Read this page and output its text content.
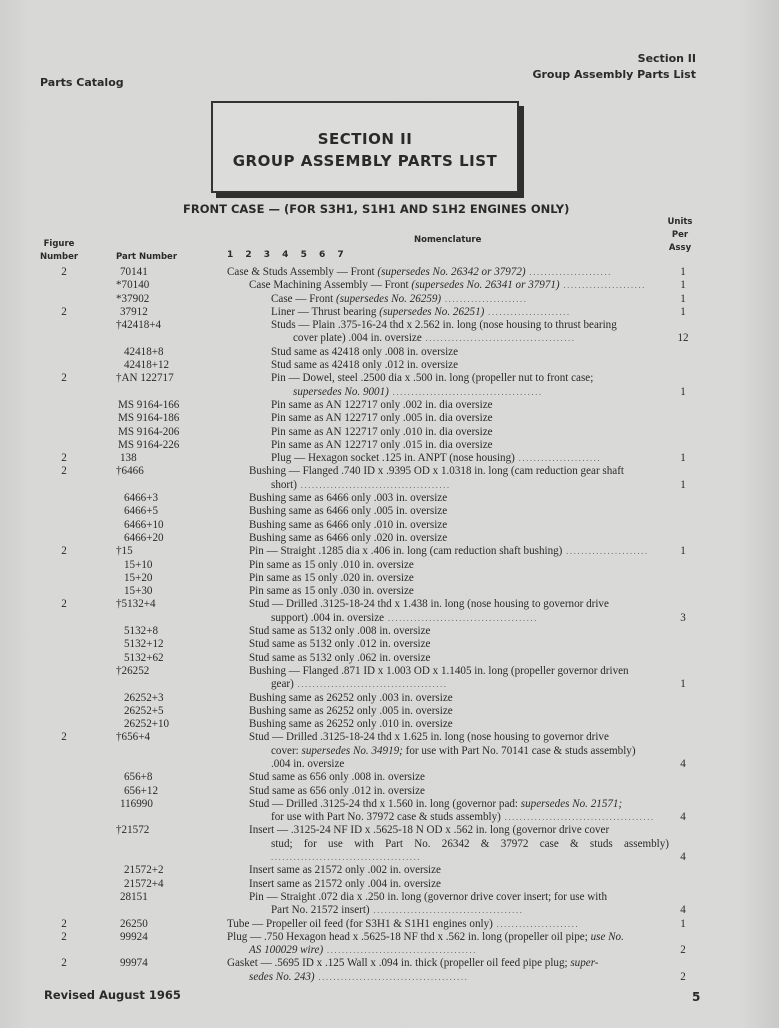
Parts Catalog
Section II
Group Assembly Parts List
SECTION II
GROUP ASSEMBLY PARTS LIST
FRONT CASE — (FOR S3H1, S1H1 AND S1H2 ENGINES ONLY)
Figure
Number	Part Number
Nomenclature
1 2 3 4 5 6 7
Units
Per
Assy
2	70141	Case & Studs Assembly — Front (supersedes No. 26342 or 37972) ......................	1
*70140	Case Machining Assembly — Front (supersedes No. 26341 or 37971) ......................	1
*37902	Case — Front (supersedes No. 26259) ......................	1
2	37912	Liner — Thrust bearing (supersedes No. 26251) ......................	1
†42418+4	Studs — Plain .375-16-24 thd x 2.562 in. long (nose housing to thrust bearing
cover plate) .004 in. oversize ........................................	12
42418+8	Stud same as 42418 only .008 in. oversize
42418+12	Stud same as 42418 only .012 in. oversize
2	†AN 122717	Pin — Dowel, steel .2500 dia x .500 in. long (propeller nut to front case;
supersedes No. 9001) ........................................	1
MS 9164-166	Pin same as AN 122717 only .002 in. dia oversize
MS 9164-186	Pin same as AN 122717 only .005 in. dia oversize
MS 9164-206	Pin same as AN 122717 only .010 in. dia oversize
MS 9164-226	Pin same as AN 122717 only .015 in. dia oversize
2	138	Plug — Hexagon socket .125 in. ANPT (nose housing) ......................	1
2	†6466	Bushing — Flanged .740 ID x .9395 OD x 1.0318 in. long (cam reduction gear shaft
short) ........................................	1
6466+3	Bushing same as 6466 only .003 in. oversize
6466+5	Bushing same as 6466 only .005 in. oversize
6466+10	Bushing same as 6466 only .010 in. oversize
6466+20	Bushing same as 6466 only .020 in. oversize
2	†15	Pin — Straight .1285 dia x .406 in. long (cam reduction shaft bushing) ......................	1
15+10	Pin same as 15 only .010 in. oversize
15+20	Pin same as 15 only .020 in. oversize
15+30	Pin same as 15 only .030 in. oversize
2	†5132+4	Stud — Drilled .3125-18-24 thd x 1.438 in. long (nose housing to governor drive
support) .004 in. oversize ........................................	3
5132+8	Stud same as 5132 only .008 in. oversize
5132+12	Stud same as 5132 only .012 in. oversize
5132+62	Stud same as 5132 only .062 in. oversize
†26252	Bushing — Flanged .871 ID x 1.003 OD x 1.1405 in. long (propeller governor driven
gear) ........................................	1
26252+3	Bushing same as 26252 only .003 in. oversize
26252+5	Bushing same as 26252 only .005 in. oversize
26252+10	Bushing same as 26252 only .010 in. oversize
2	†656+4	Stud — Drilled .3125-18-24 thd x 1.625 in. long (nose housing to governor drive
cover: supersedes No. 34919; for use with Part No. 70141 case & studs assembly)
.004 in. oversize	4
656+8	Stud same as 656 only .008 in. oversize
656+12	Stud same as 656 only .012 in. oversize
116990	Stud — Drilled .3125-24 thd x 1.560 in. long (governor pad: supersedes No. 21571;
for use with Part No. 37972 case & studs assembly) ........................................	4
†21572	Insert — .3125-24 NF ID x .5625-18 N OD x .562 in. long (governor drive cover
stud; for use with Part No. 26342 & 37972 case & studs assembly) ........................................	4
21572+2	Insert same as 21572 only .002 in. oversize
21572+4	Insert same as 21572 only .004 in. oversize
28151	Pin — Straight .072 dia x .250 in. long (governor drive cover insert; for use with
Part No. 21572 insert) ........................................	4
2	26250	Tube — Propeller oil feed (for S3H1 & S1H1 engines only) ......................	1
2	99924	Plug — .750 Hexagon head x .5625-18 NF thd x .562 in. long (propeller oil pipe; use No.
AS 100029 wire) ........................................	2
2	99974	Gasket — .5695 ID x .125 Wall x .094 in. thick (propeller oil feed pipe plug; super-
sedes No. 243) ........................................	2
Revised August 1965	5
